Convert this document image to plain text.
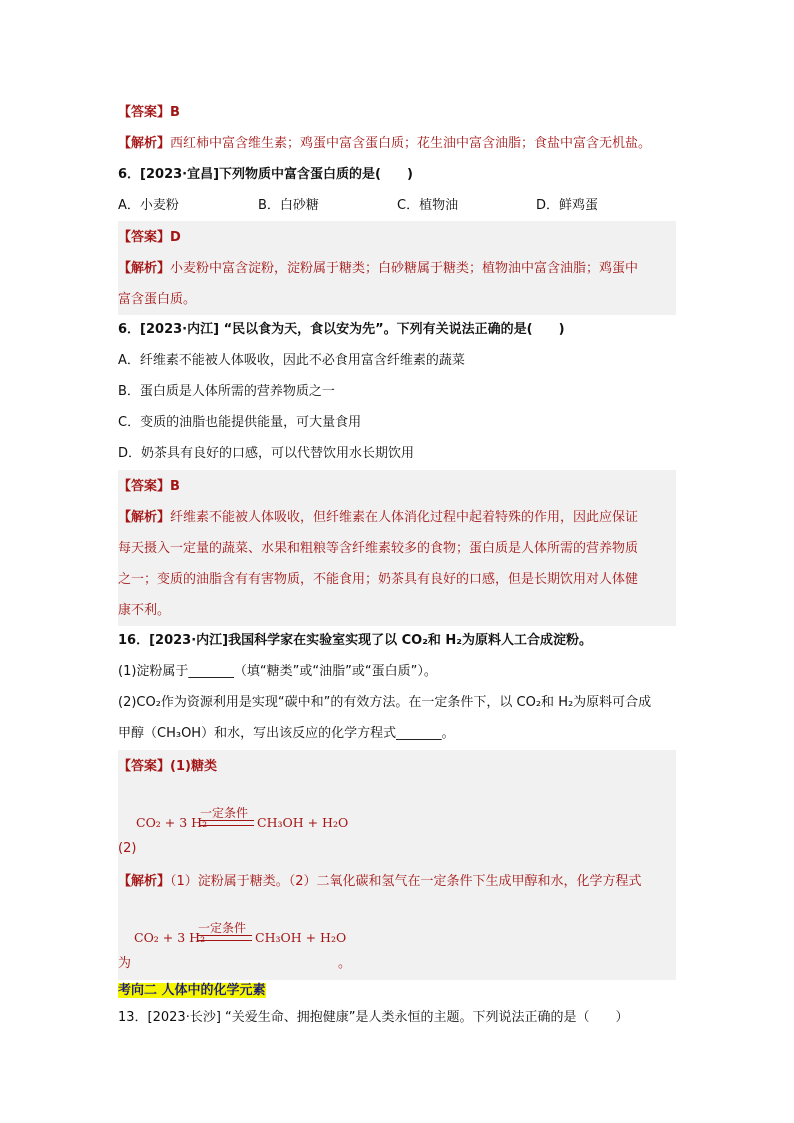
【答案】B
【解析】西红柿中富含维生素；鸡蛋中富含蛋白质；花生油中富含油脂；食盐中富含无机盐。
6．[2023·宜昌]下列物质中富含蛋白质的是(　　)
A．小麦粉	B．白砂糖	C．植物油	D．鲜鸡蛋
【答案】D
【解析】小麦粉中富含淀粉，淀粉属于糖类；白砂糖属于糖类；植物油中富含油脂；鸡蛋中
富含蛋白质。
6．[2023·内江] “民以食为天，食以安为先”。下列有关说法正确的是(　　)
A．纤维素不能被人体吸收，因此不必食用富含纤维素的蔬菜
B．蛋白质是人体所需的营养物质之一
C．变质的油脂也能提供能量，可大量食用
D．奶茶具有良好的口感，可以代替饮用水长期饮用
【答案】B
【解析】纤维素不能被人体吸收，但纤维素在人体消化过程中起着特殊的作用，因此应保证
每天摄入一定量的蔬菜、水果和粗粮等含纤维素较多的食物；蛋白质是人体所需的营养物质
之一；变质的油脂含有有害物质，不能食用；奶茶具有良好的口感，但是长期饮用对人体健
康不利。
16．[2023·内江]我国科学家在实验室实现了以 CO₂和 H₂为原料人工合成淀粉。
(1)淀粉属于_______（填“糖类”或“油脂”或“蛋白质”）。
(2)CO₂作为资源利用是实现“碳中和”的有效方法。在一定条件下，以 CO₂和 H₂为原料可合成
甲醇（CH₃OH）和水，写出该反应的化学方程式_______。
【答案】(1)糖类
一定条件
CO₂ + 3 H₂	CH₃OH + H₂O
(2)
【解析】（1）淀粉属于糖类。（2）二氧化碳和氢气在一定条件下生成甲醇和水，化学方程式
一定条件
CO₂ + 3 H₂	CH₃OH + H₂O
为	。
考向二 人体中的化学元素
13．[2023·长沙] “关爱生命、拥抱健康”是人类永恒的主题。下列说法正确的是（　　）
